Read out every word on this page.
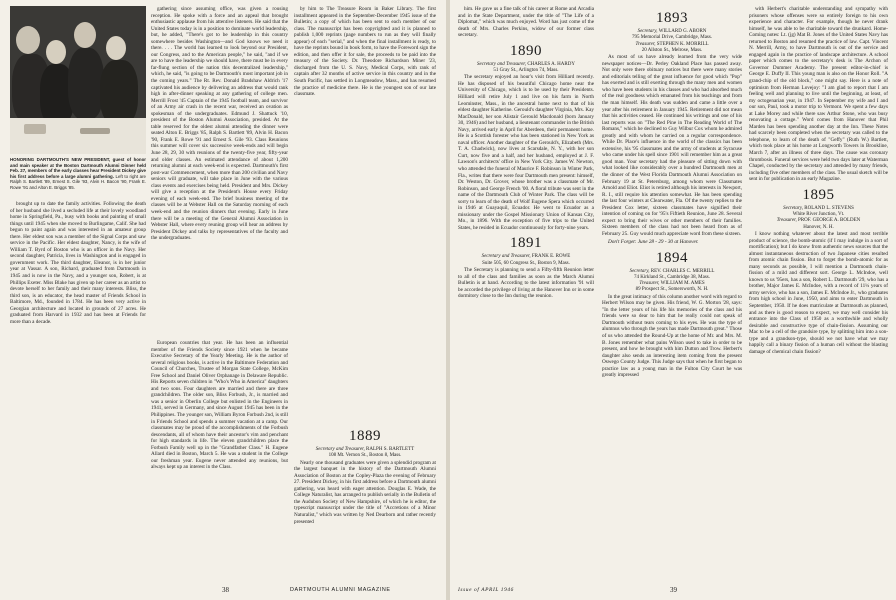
HONORING DARTMOUTH'S NEW PRESIDENT, guest of honor and main speaker at the Boston Dartmouth Alumni Dinner held Feb. 27, members of the early classes hear President Dickey give his first address before a large alumni gathering. Left to right are Ralph S. Bartlett '89, Ernest S. Gile '93, Alvin H. Bacon '90, Frank E. Rowe '91 and Alton E. Briggs '85.

gathering since assuming office, was given a rousing reception. He spoke with a force and an appeal that brought enthusiastic applause from his attentive listeners. He said that the United States today is in a position to dominate world leadership, but, he added, "There's got to be leadership in this country somewhere besides Washington—and God knows we need it there. . . . The world has learned to look beyond our President, our Congress, and to the American people," he said, "and if we are to have the leadership we should have, there must be in every far-flung section of the nation this decentralized leadership," which, he said, "is going to be Dartmouth's most important job in the coming years." The Rt. Rev. Donald Bradshaw Aldrich '17 captivated his audience by delivering an address that would rank high in after-dinner speaking at any gathering of college men. Merrill Frost '45 Captain of the 1945 football team, and survivor of an Army air crash in the recent war, received an ovation as spokesman of the undergraduates. Edmund J. Shattuck '10, president of the Boston Alumni Association, presided. At the table reserved for the oldest alumni attending the dinner were seated Alton E. Briggs '85, Ralph S. Bartlett '89, Alvin H. Bacon '90, Frank E. Rowe '91 and Ernest S. Gile '93. Class Reunions this summer will cover six successive week-ends and will begin June 28, 29, 30 with reunions of the twenty-five year, fifty-year and older classes. An estimated attendance of about 1,200 returning alumni at each week-end is expected. Dartmouth's first post-war Commencement, when more than 200 civilian and Navy seniors will graduate, will take place in June with the various class events and exercises being held. President and Mrs. Dickey will give a reception at the President's House every Friday evening of each week-end. The brief business meeting of the classes will be at Webster Hall on the Saturday morning of each week-end and the reunion dinners that evening. Early in June there will be a meeting of the General Alumni Association in Webster Hall, where every reuning group will hear an address by President Dickey and talks by representatives of the faculty and the undergraduates.

brought up to date the family activities. Following the death of her husband she lived a secluded life at their lovely woodland home in Springfield, Pa., busy with books and painting of small things until 1945 when she moved to Burlingame, Calif. She had begun to paint again and was interested in an amateur group there. Her eldest son was a member of the Signal Corps and saw service in the Pacific. Her eldest daughter, Nancy, is the wife of William T. Byrd of Boston who is an officer in the Navy. Her second daughter, Patricia, lives in Washington and is engaged in government work. The third daughter, Eleanor, is in her junior year at Vassar. A son, Richard, graduated from Dartmouth in 1945 and is now in the Navy, and a younger son, Robert, is at Phillips Exeter. Miss Blake has given up her career as an artist to devote herself to her family and their many interests. Bliss, the third son, is an educator, the head master of Friends School in Baltimore, Md., founded in 1784. He has been very active in Georgian architecture and located in grounds of 27 acres. He graduated from Harvard in 1932 and has been at Friends for more than a decade.

European countries that year. He has been an influential member of the Friends Society since 1921 when he became Executive Secretary of the Yearly Meeting. He is the author of several religious books, is active in the Baltimore Federation and Council of Churches, Trustee of Morgan State College, McKim Free School and Daniel Oliver Orphanage in Delaware Republic. His Reports seven children in "Who's Who in America" daughters and two sons. Four daughters are married and there are three grandchildren. The older son, Bliss Forbush, Jr., is married and was a senior in Oberlin College but enlisted in the Engineers in 1941, served in Germany, and since August 1945 has been in the Philippines. The younger son, William Byron Forbush 2nd, is still in Friends School and spends a summer vacation at a camp. Our classmates may be proud of the accomplishments of the Forbush descendants, all of whom have their ancestor's vim and penchant for high standards in life. The eleven grandchildren place the Forbush Family well up in the "Grandfather Class." H. Eugene Allard died in Boston, March 5. He was a student in the College our freshman year. Eugene never attended any reunions, but always kept up an interest in the Class.

by him to The Treasure Room in Baker Library. The first installment appeared in the September-December 1945 issue of the Bulletin; a copy of which has been sent to each member of our class. The manuscript has been copyrighted and it is planned to publish 1,000 reprints (page numbers to run as they will finally appear) of each "serial," and when the final installment is ready, to have the reprints bound in book form, to have the Foreword sign the edition, and then offer it for sale, the proceeds to be paid into the treasury of the Society. Dr. Theodore Richardson Miner '23, discharged from the U. S. Navy, Medical Corps, with rank of captain after 32 months of active service in this country and in the South Pacific, has settled in Longmeadow, Mass., and has resumed the practice of medicine there. He is the youngest son of our late classmate.

1889
Secretary and Treasurer, RALPH S. BARTLETT
108 Mt. Vernon St., Boston 8, Mass.

Nearly one thousand graduates were given a splendid program at the largest banquet in the history of the Dartmouth Alumni Association of Boston at the Copley-Plaza the evening of February 27. President Dickey, in his first address before a Dartmouth alumni gathering, was heard with eager attention. Douglas E. Wade, the College Naturalist, has arranged to publish serially in the Bulletin of the Audubon Society of New Hampshire, of which he is editor, the typescript manuscript under the title of "Accretions of a Minor Naturalist," which was written by Ned Dearborn and rather recently presented

38	DARTMOUTH ALUMNI MAGAZINE

him. He gave us a fine talk of his career at Rome and Arcadia and in the State Department, under the title of "The Life of a Diplomat," which was much enjoyed. Word has just come of the death of Mrs. Charles Perkins, widow of our former class secretary.

1890
Secretary and Treasurer, CHARLES A. HARDY
51 Gray St., Arlington 74, Mass.

The secretary enjoyed an hour's visit from Hilliard recently. He has disposed of his beautiful Chicago home near the University of Chicago, which is to be used by their Presidents. Hilliard will retire July 1 and live on his farm in North Leominster, Mass., in the ancestral home next to that of his eldest daughter Katherine. Gerould's daughter Virginia, Mrs. Kay MacDonald, her son Alistair Gerould Macdonald (born January 30, 1946) and her husband, a lieutenant commander in the British Navy, arrived early in April for Aberdeen, their permanent home. He is a Scottish forester who has been stationed in New York as naval officer. Another daughter of the Gerould's, Elizabeth (Mrs. T. A. Chadwick), now lives at Scarsdale, N. Y., with her son Curt, now five and a half, and her husband, employed at J. F. Lawson's architects' office in New York City. James W. Newton, who attended the funeral of Maurice F. Robinson in Winter Park, Fla., writes that there were four Dartmouth men present: himself, Dr. Weston, Dr. Grover, whose brother was a classmate of Mr. Robinson, and George French '00. A floral tribute was sent in the name of the Dartmouth Club of Winter Park. The class will be sorry to learn of the death of Wolf Eugene Spera which occurred in 1946 at Guayaquil, Ecuador. He went to Ecuador as a missionary under the Gospel Missionary Union of Kansas City, Mo., in 1896. With the exception of five trips to the United States, he resided in Ecuador continuously for forty-nine years.

1891
Secretary and Treasurer, FRANK E. ROWE
Suite 505, 60 Congress St., Boston 9, Mass.

The Secretary is planning to send a Fifty-fifth Reunion letter to all of the class and families as soon as the March Alumni Bulletin is at hand. According to the latest information '91 will be accorded the privilege of living at the Hanover Inn or in some dormitory close to the Inn during the reunion.

1893
Secretary, WILLARD G. ABORN
795 Memorial Drive, Cambridge, Mass.
Treasurer, STEPHEN K. MORRILL
20 Allston St., Melrose, Mass.

As most of us have already learned from the very wide newspaper notices—Dr. Perley Oakland Place has passed away. Not only were there obituary notices but there were many stories and editorials telling of the great influence for good which "Pop" has exerted and is still exerting through the many men and women who have been students in his classes and who had absorbed much of the real goodness which emanated from his teachings and from the man himself. His death was sudden and came a little over a year after his retirement in January 1945. Retirement did not mean that his activities ceased. He continued his writings and one of his last reports was on "The Red Pine in The Reading World of The Romans," which he declined to Guy Wilbur Cox whom he admired greatly and with whom he carried on a regular correspondence. While Dr. Place's influence in the world of the classics has been extensive, his '95 classmates and the army of students at Syracuse who came under his spell since 1901 will remember him as a great good man. Your secretary had the pleasure of sitting down with what looked like considerably over a hundred Dartmouth men at the dinner of the West Florida Dartmouth Alumni Association on February 19 at St. Petersburg, among whom were Classmates Arnold and Eliot. Eliot is retired although his interests in Newport, R. I., still require his attention somewhat. He has been spending the last four winters at Clearwater, Fla. Of the twenty replies to the President Cox letter, sixteen classmates have signified their intention of coming on for '95's Fiftieth Reunion, June 28. Several expect to bring their wives or other members of their families. Sixteen members of the class had not been heard from as of February 25. Guy would much appreciate word from these sixteen.

Don't Forget: June 28 - 29 - 30 at Hanover.

1894
Secretary, REV. CHARLES C. MERRILL
74 Kirkland St., Cambridge 38, Mass.
Treasurer, WILLIAM M. AMES
89 Prospect St., Somersworth, N. H.

In the great intimacy of this column another word with regard to Herbert Wilson may be given. His friend, W. G. Morton '28, says: "In the letter years of his life his memories of the class and his friends were so dear to him that he really could not speak of Dartmouth without tears coming to his eyes. He was the type of alumnus who through the years has made Dartmouth great." Those of us who attended the Round-Up at the home of Mr. and Mrs. M. B. Jones remember what pains Wilson used to take in order to be present, and how he brought with him Dutton and Trow. Herbert's daughter also sends an interesting item coming from the present Oswego County Judge. This Judge says that when he first began to practice law as a young man in the Fulton City Court he was greatly impressed

with Herbert's charitable understanding and sympathy with prisoners whose offenses were so entirely foreign to his own experience and character. For example, though he never drank himself, he was able to be charitable toward the drunkard. Home-Coming notes: Lt. (jg) Mat B. Jones of the United States Navy has returned to Boston and resumed the practice of law. Capt. Vincent N. Merrill, Army, to have Dartmouth is out of the service and engaged again in the practice of landscape architecture. A school paper which comes to the secretary's desk is The Archon of Governor Dummer Academy. The present editor-in-chief is George E. Duffy II. This young man is also on the Honor Roll. "A grand-chip of the old block," one might say. Here is a note of optimism from Herman Lovejoy: "I am glad to report that I am feeling well and planning to live until the beginning, at least, of my octogenarian year, in 1947. In September my wife and I and our son, Paul, took a motor trip to Vermont. We spent a few days at Lake Morey and while there saw Arthur Stone, who was busy renovating a cottage." Word comes from Hanover that Phil Marden has been spending another day at the Inn. These Notes had scarcely been completed when the secretary was called to the telephone, to learn of the death of "Geffy" (Ruth W.) Bartlett, which took place at his home at Longworth Towers in Brookline, March 7, after an illness of three days. The cause was coronary thrombosis. Funeral services were held two days later at Waterman Chapel, conducted by the secretary and attended by many friends, including five other members of the class. The usual sketch will be sent in for publication in an early Magazine.

1895
Secretary, ROLAND L. STEVENS
White River Junction, Vt.
Treasurer, PROF. GEORGE A. BOLDEN
Hanover, N. H.

I know nothing whatever about the latest and most terrible product of science, the bomb-atomic (if I may indulge in a sort of mortification); but I do know from authentic news sources that the almost instantaneous destruction of two Japanese cities resulted from atomic chain fission. But to forget the bomb-atomic for as many seconds as possible, I will mention a Dartmouth chain-fission of a mild and different sort. George L. McIndoe, well known to us '95ers, has a son, Robert L. Dartmouth '29, who has a brother, Major James E. McIndoe, with a record of 11¼ years of army service, who has a son, James E. McIndoe Jr., who graduates from high school in June, 1950, and aims to enter Dartmouth in September, 1950. If he does matriculate at Dartmouth as planned, and as there is good reason to expect, we may well consider his entrance into the Class of 1950 as a worthwhile and wholly desirable and constructive type of chain-fission. Assuming our Mac to be a cell of the grandsire type, by splitting him into a son-type and a grandson-type, should we not have what we may happily call a binary fission of a human cell without the blasting damage of chemical chain fission?

Issue of APRIL 1946	39
